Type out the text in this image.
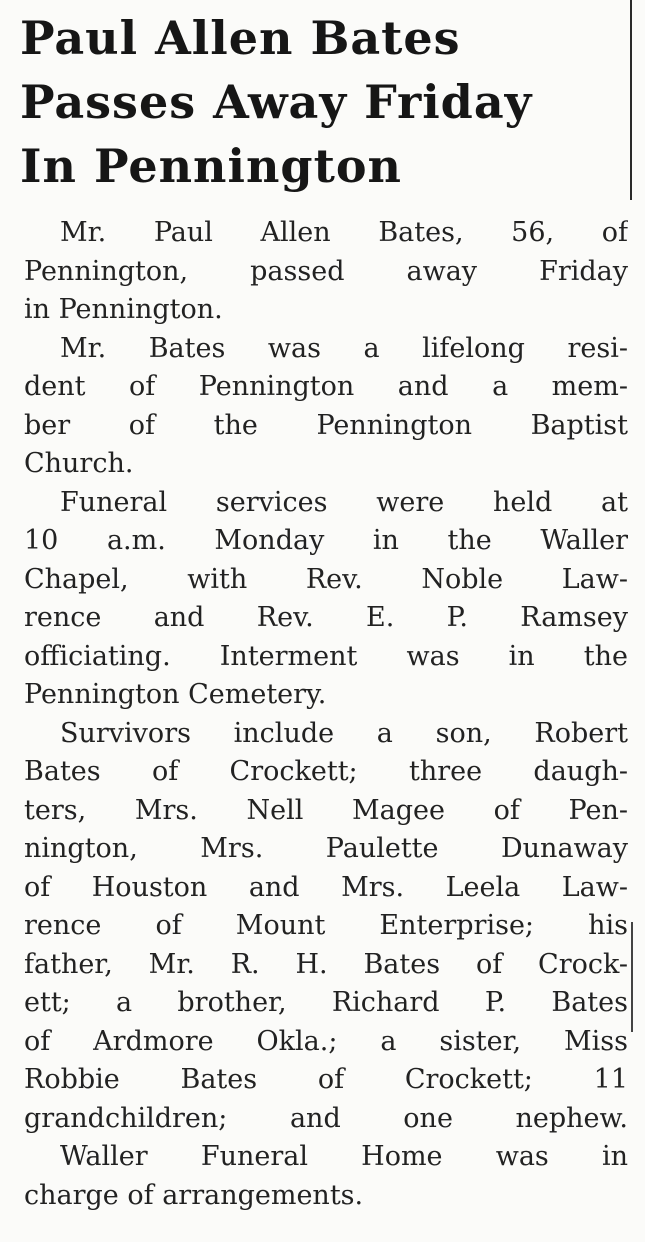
Paul Allen Bates
Passes Away Friday
In Pennington

Mr. Paul Allen Bates, 56, of
Pennington, passed away Friday
in Pennington.

Mr. Bates was a lifelong resi-
dent of Pennington and a mem-
ber of the Pennington Baptist
Church.

Funeral services were held at
10 a.m. Monday in the Waller
Chapel, with Rev. Noble Law-
rence and Rev. E. P. Ramsey
officiating. Interment was in the
Pennington Cemetery.

Survivors include a son, Robert
Bates of Crockett; three daugh-
ters, Mrs. Nell Magee of Pen-
nington, Mrs. Paulette Dunaway
of Houston and Mrs. Leela Law-
rence of Mount Enterprise; his
father, Mr. R. H. Bates of Crock-
ett; a brother, Richard P. Bates
of Ardmore Okla.; a sister, Miss
Robbie Bates of Crockett; 11
grandchildren; and one nephew.

Waller Funeral Home was in
charge of arrangements.
